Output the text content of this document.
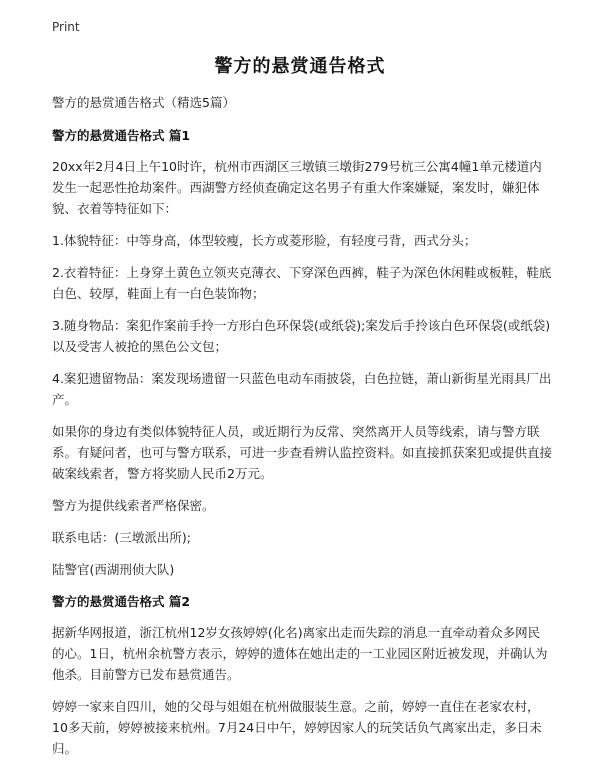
Print
警方的悬赏通告格式

警方的悬赏通告格式（精选5篇）

警方的悬赏通告格式 篇1

20xx年2月4日上午10时许，杭州市西湖区三墩镇三墩街279号杭三公寓4幢1单元楼道内发生一起恶性抢劫案件。西湖警方经侦查确定这名男子有重大作案嫌疑，案发时，嫌犯体貌、衣着等特征如下：

1.体貌特征：中等身高，体型较瘦，长方或菱形脸，有轻度弓背，西式分头；

2.衣着特征：上身穿土黄色立领夹克薄衣、下穿深色西裤，鞋子为深色休闲鞋或板鞋，鞋底白色、较厚，鞋面上有一白色装饰物；

3.随身物品：案犯作案前手拎一方形白色环保袋(或纸袋);案发后手拎该白色环保袋(或纸袋)以及受害人被抢的黑色公文包；

4.案犯遗留物品：案发现场遗留一只蓝色电动车雨披袋，白色拉链，萧山新街星光雨具厂出产。

如果你的身边有类似体貌特征人员，或近期行为反常、突然离开人员等线索，请与警方联系。有疑问者，也可与警方联系，可进一步查看辨认监控资料。如直接抓获案犯或提供直接破案线索者，警方将奖励人民币2万元。

警方为提供线索者严格保密。

联系电话：(三墩派出所);

陆警官(西湖刑侦大队)

警方的悬赏通告格式 篇2

据新华网报道，浙江杭州12岁女孩婷婷(化名)离家出走而失踪的消息一直牵动着众多网民的心。1日，杭州余杭警方表示，婷婷的遗体在她出走的一工业园区附近被发现，并确认为他杀。目前警方已发布悬赏通告。

婷婷一家来自四川，她的父母与姐姐在杭州做服装生意。之前，婷婷一直住在老家农村，10多天前，婷婷被接来杭州。7月24日中午，婷婷因家人的玩笑话负气离家出走，多日未归。
